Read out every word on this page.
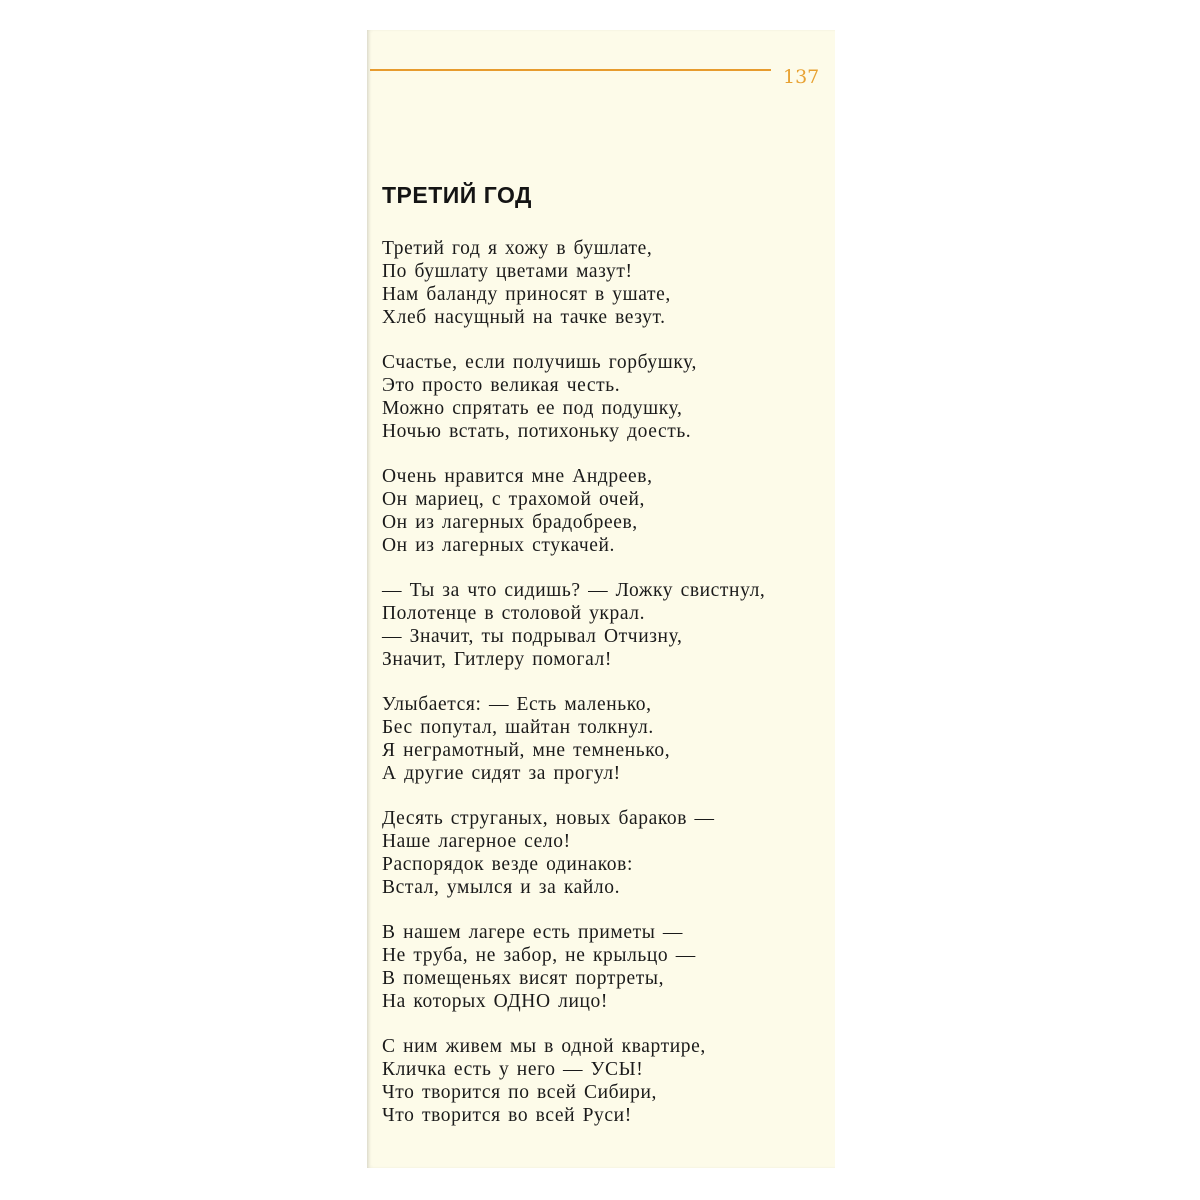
137
ТРЕТИЙ ГОД
Третий год я хожу в бушлате,
По бушлату цветами мазут!
Нам баланду приносят в ушате,
Хлеб насущный на тачке везут.
Счастье, если получишь горбушку,
Это просто великая честь.
Можно спрятать ее под подушку,
Ночью встать, потихоньку доесть.
Очень нравится мне Андреев,
Он мариец, с трахомой очей,
Он из лагерных брадобреев,
Он из лагерных стукачей.
— Ты за что сидишь? — Ложку свистнул,
Полотенце в столовой украл.
— Значит, ты подрывал Отчизну,
Значит, Гитлеру помогал!
Улыбается: — Есть маленько,
Бес попутал, шайтан толкнул.
Я неграмотный, мне темненько,
А другие сидят за прогул!
Десять струганых, новых бараков —
Наше лагерное село!
Распорядок везде одинаков:
Встал, умылся и за кайло.
В нашем лагере есть приметы —
Не труба, не забор, не крыльцо —
В помещеньях висят портреты,
На которых ОДНО лицо!
С ним живем мы в одной квартире,
Кличка есть у него — УСЫ!
Что творится по всей Сибири,
Что творится во всей Руси!
